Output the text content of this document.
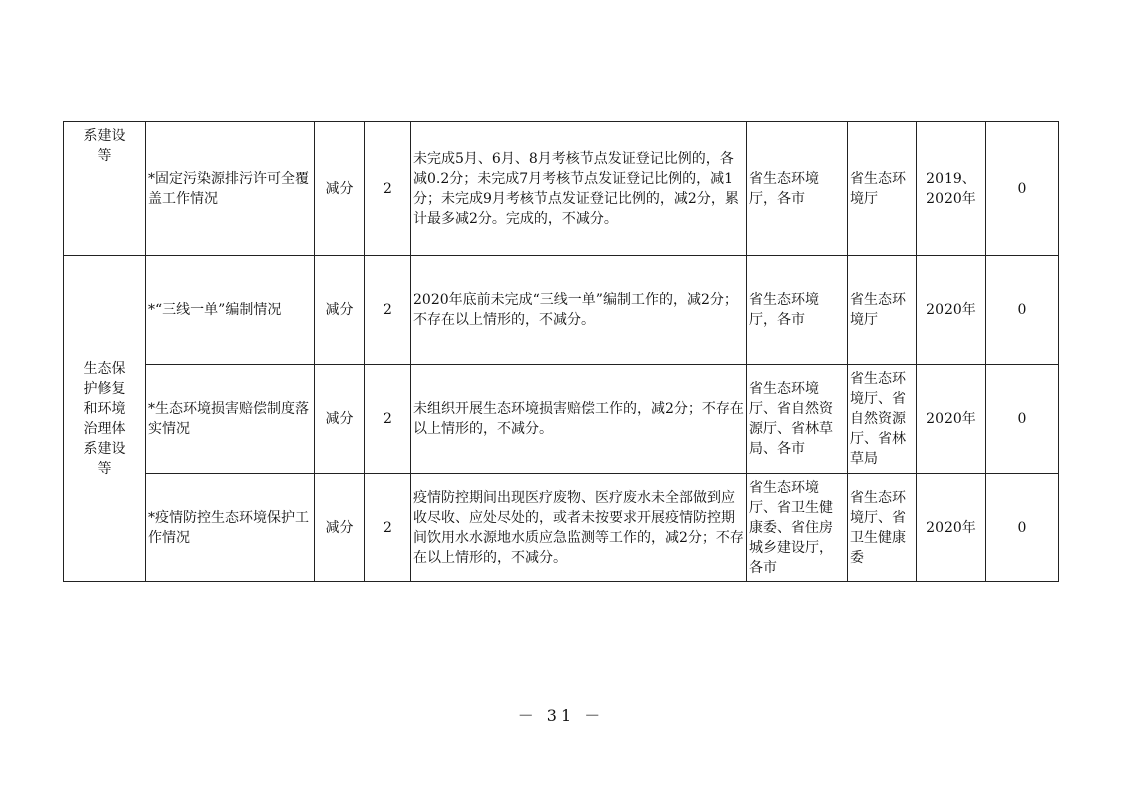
系建设等	*固定污染源排污许可全覆盖工作情况	减分	2	未完成5月、6月、8月考核节点发证登记比例的，各减0.2分；未完成7月考核节点发证登记比例的，减1分；未完成9月考核节点发证登记比例的，减2分，累计最多减2分。完成的，不减分。	省生态环境厅，各市	省生态环境厅	2019、2020年	0

生态保护修复和环境治理体系建设等	*“三线一单”编制情况	减分	2	2020年底前未完成“三线一单”编制工作的，减2分；不存在以上情形的，不减分。	省生态环境厅，各市	省生态环境厅	2020年	0
	*生态环境损害赔偿制度落实情况	减分	2	未组织开展生态环境损害赔偿工作的，减2分；不存在以上情形的，不减分。	省生态环境厅、省自然资源厅、省林草局、各市	省生态环境厅、省自然资源厅、省林草局	2020年	0
	*疫情防控生态环境保护工作情况	减分	2	疫情防控期间出现医疗废物、医疗废水未全部做到应收尽收、应处尽处的，或者未按要求开展疫情防控期间饮用水水源地水质应急监测等工作的，减2分；不存在以上情形的，不减分。	省生态环境厅、省卫生健康委、省住房城乡建设厅，各市	省生态环境厅、省卫生健康委	2020年	0
－ 31 －
